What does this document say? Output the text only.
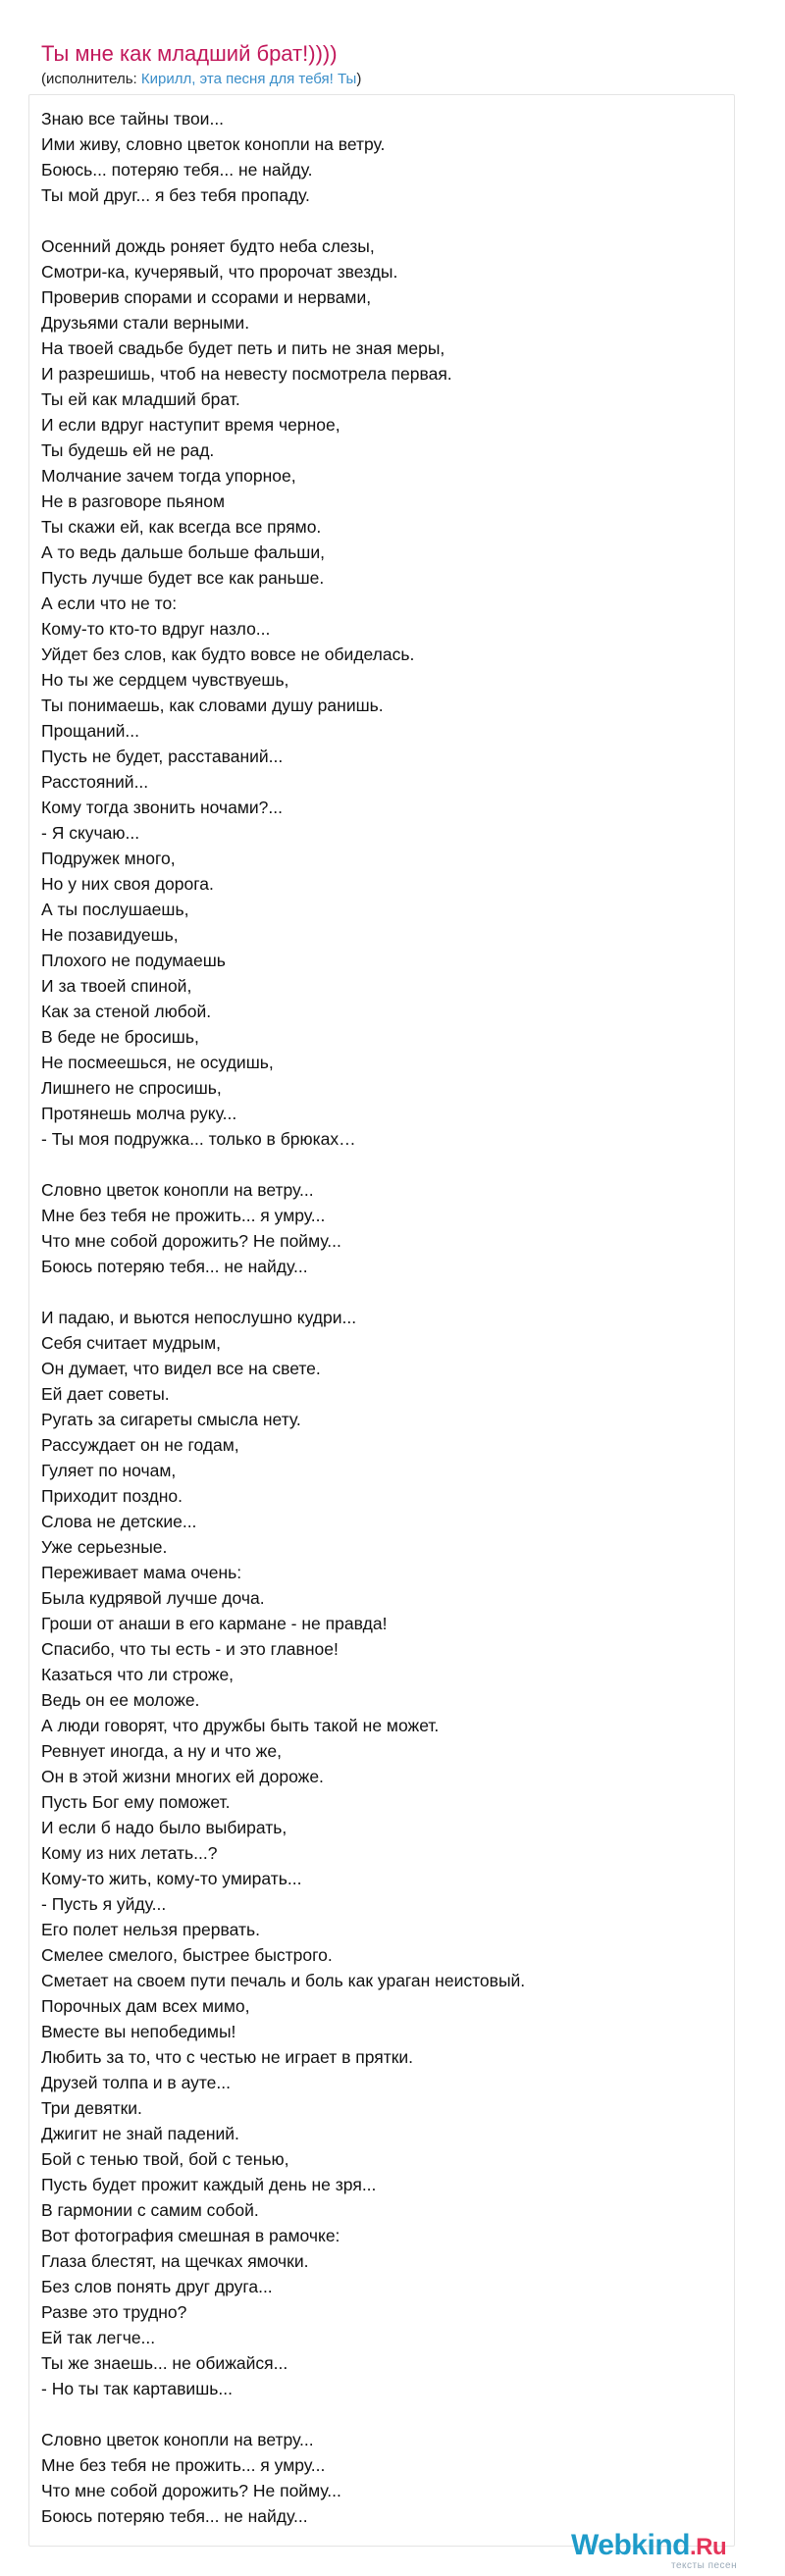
Ты мне как младший брат!))))
(исполнитель: Кирилл, эта песня для тебя! Ты)
Знаю все тайны твои...
Ими живу, словно цветок конопли на ветру.
Боюсь... потеряю тебя... не найду.
Ты мой друг... я без тебя пропаду.

Осенний дождь роняет будто неба слезы,
Смотри-ка, кучерявый, что пророчат звезды.
Проверив спорами и ссорами и нервами,
Друзьями стали верными.
На твоей свадьбе будет петь и пить не зная меры,
И разрешишь, чтоб на невесту посмотрела первая.
Ты ей как младший брат.
И если вдруг наступит время черное,
Ты будешь ей не рад.
Молчание зачем тогда упорное,
Не в разговоре пьяном
Ты скажи ей, как всегда все прямо.
А то ведь дальше больше фальши,
Пусть лучше будет все как раньше.
А если что не то:
Кому-то кто-то вдруг назло...
Уйдет без слов, как будто вовсе не обиделась.
Но ты же сердцем чувствуешь,
Ты понимаешь, как словами душу ранишь.
Прощаний...
Пусть не будет, расставаний...
Расстояний...
Кому тогда звонить ночами?...
- Я скучаю...
Подружек много,
Но у них своя дорога.
А ты послушаешь,
Не позавидуешь,
Плохого не подумаешь
И за твоей спиной,
Как за стеной любой.
В беде не бросишь,
Не посмеешься, не осудишь,
Лишнего не спросишь,
Протянешь молча руку...
- Ты моя подружка... только в брюках…

Словно цветок конопли на ветру...
Мне без тебя не прожить... я умру...
Что мне собой дорожить? Не пойму...
Боюсь потеряю тебя... не найду...

И падаю, и вьются непослушно кудри...
Себя считает мудрым,
Он думает, что видел все на свете.
Ей дает советы.
Ругать за сигареты смысла нету.
Рассуждает он не годам,
Гуляет по ночам,
Приходит поздно.
Слова не детские...
Уже серьезные.
Переживает мама очень:
Была кудрявой лучше доча.
Гроши от анаши в его кармане - не правда!
Спасибо, что ты есть - и это главное!
Казаться что ли строже,
Ведь он ее моложе.
А люди говорят, что дружбы быть такой не может.
Ревнует иногда, а ну и что же,
Он в этой жизни многих ей дороже.
Пусть Бог ему поможет.
И если б надо было выбирать,
Кому из них летать...?
Кому-то жить, кому-то умирать...
- Пусть я уйду...
Его полет нельзя прервать.
Смелее смелого, быстрее быстрого.
Сметает на своем пути печаль и боль как ураган неистовый.
Порочных дам всех мимо,
Вместе вы непобедимы!
Любить за то, что с честью не играет в прятки.
Друзей толпа и в ауте...
Три девятки.
Джигит не знай падений.
Бой с тенью твой, бой с тенью,
Пусть будет прожит каждый день не зря...
В гармонии с самим собой.
Вот фотография смешная в рамочке:
Глаза блестят, на щечках ямочки.
Без слов понять друг друга...
Разве это трудно?
Ей так легче...
Ты же знаешь... не обижайся...
- Но ты так картавишь...

Словно цветок конопли на ветру...
Мне без тебя не прожить... я умру...
Что мне собой дорожить? Не пойму...
Боюсь потеряю тебя... не найду...
Webkind.Ru
тексты песен
